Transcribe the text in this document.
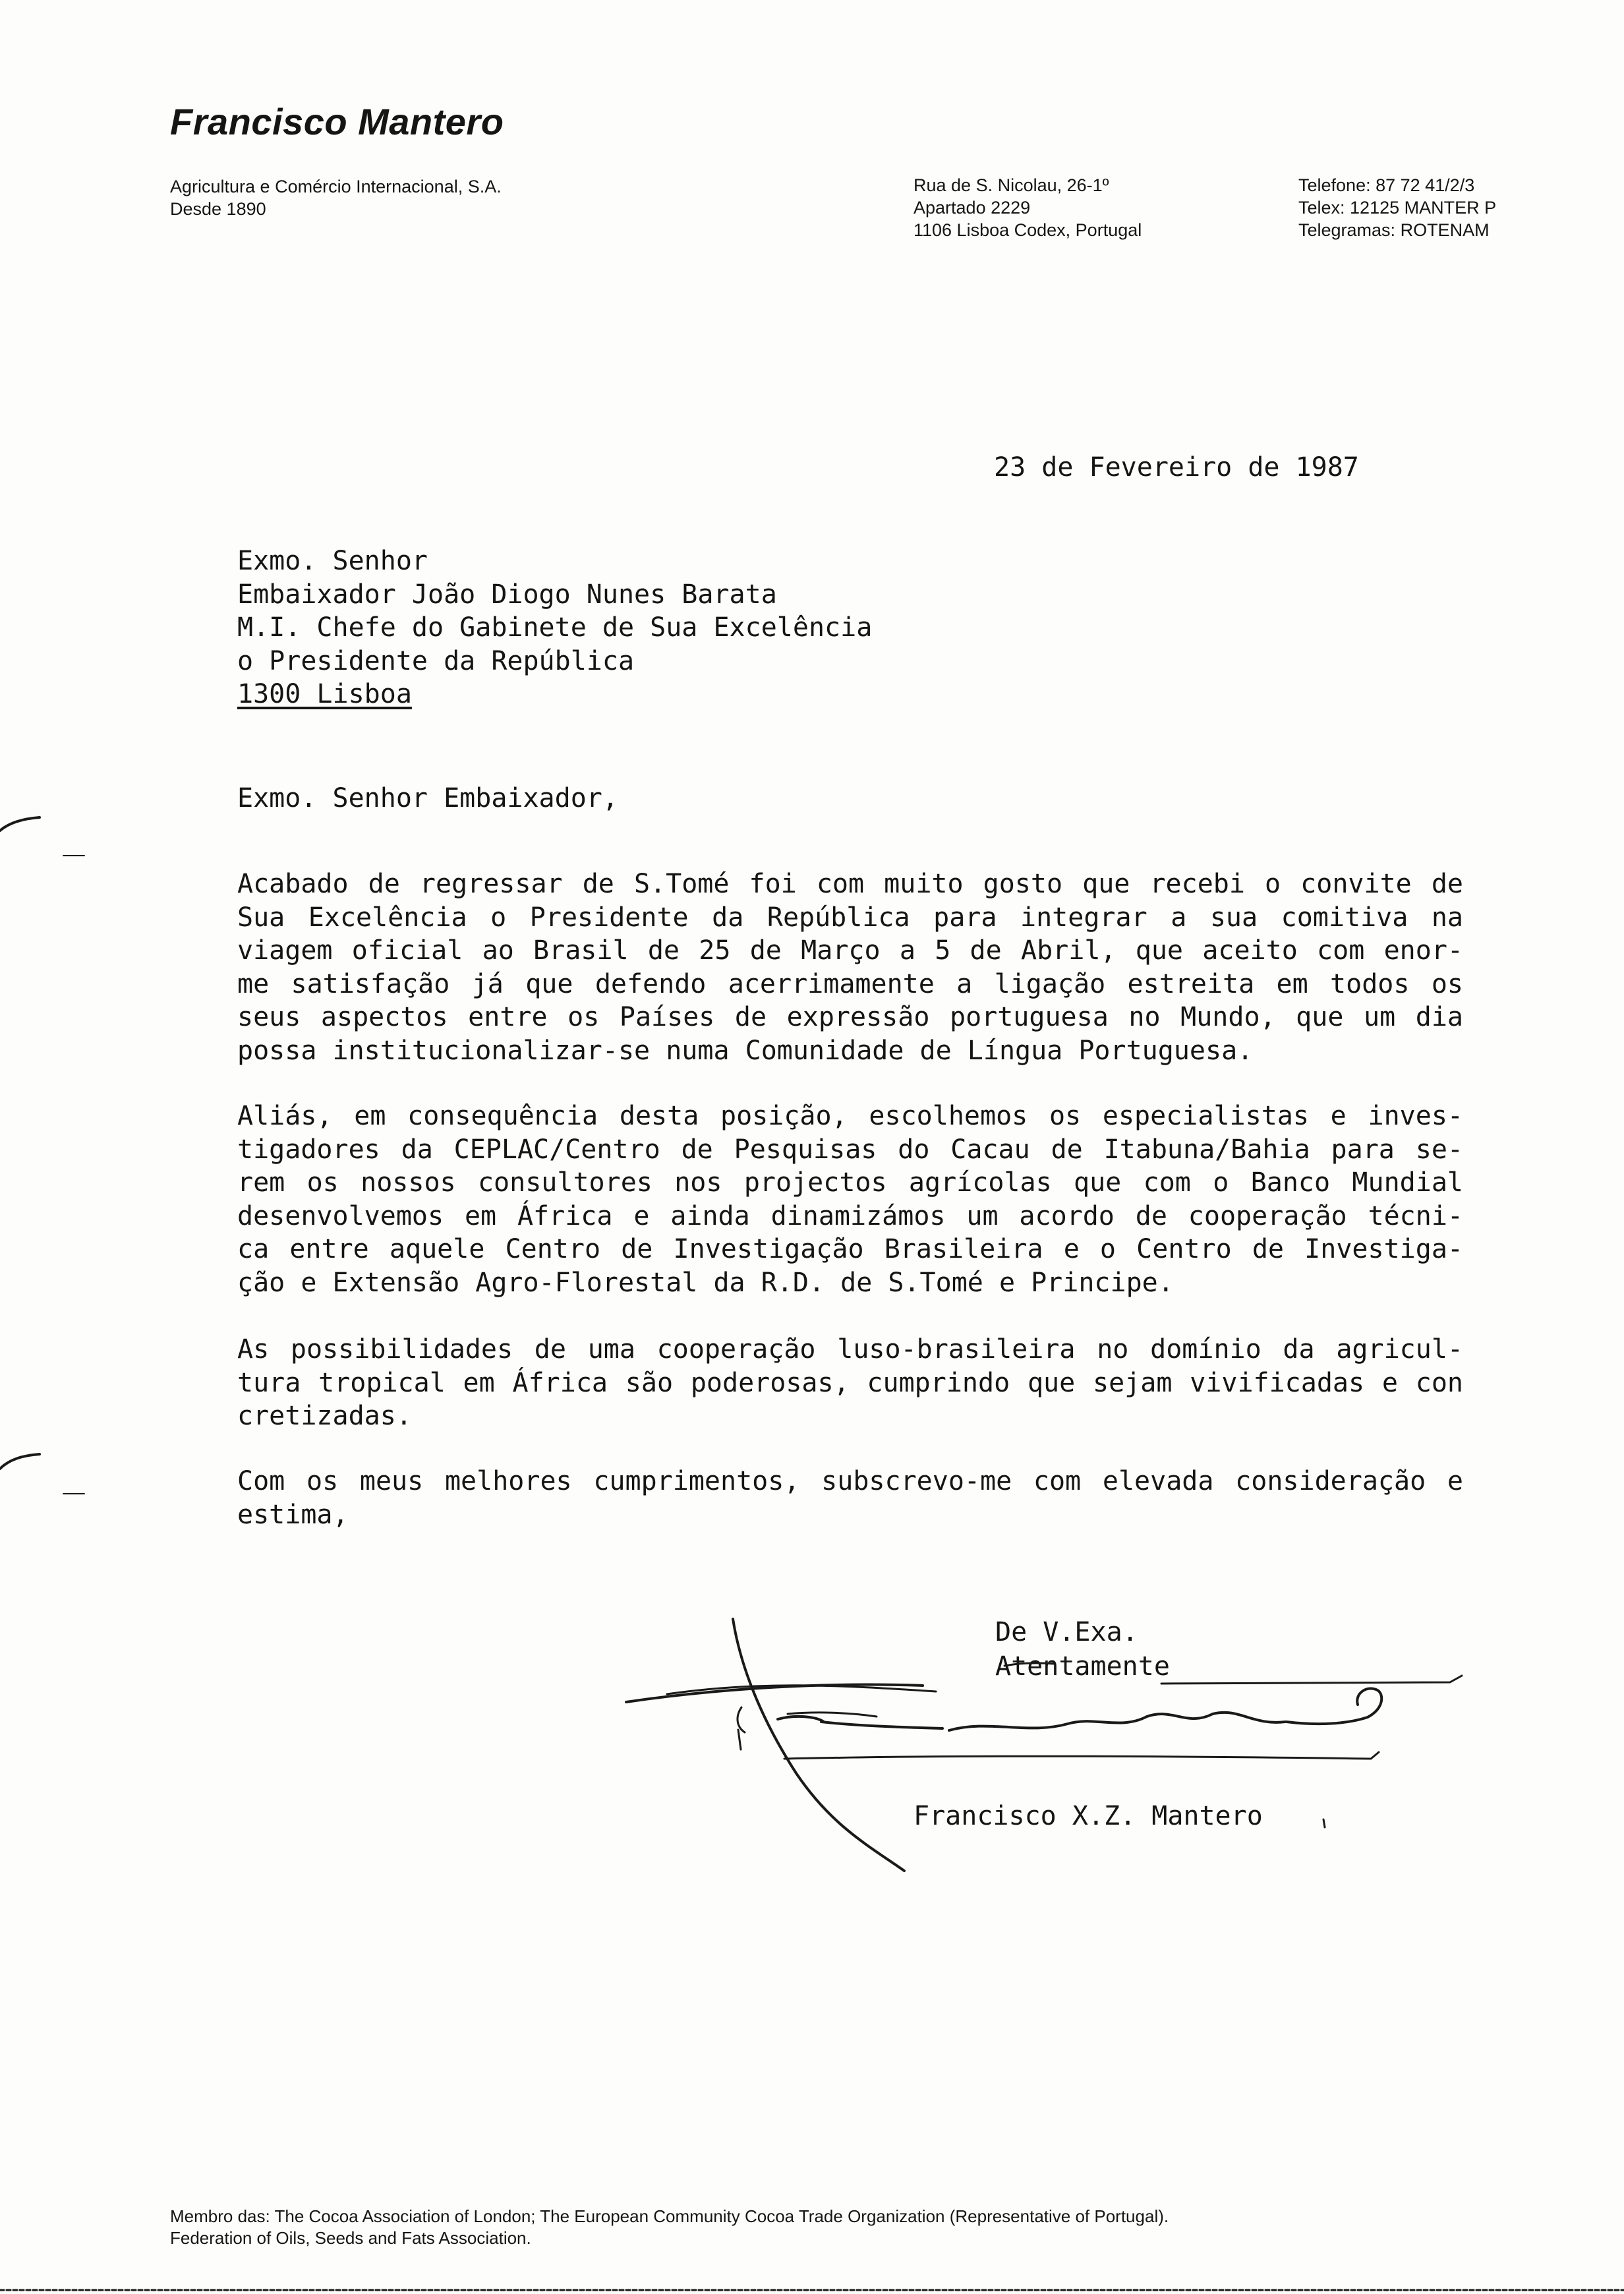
Francisco Mantero
Agricultura e Comércio Internacional, S.A.
Desde 1890
Rua de S. Nicolau, 26-1º
Apartado 2229
1106 Lisboa Codex, Portugal
Telefone: 87 72 41/2/3
Telex: 12125 MANTER P
Telegramas: ROTENAM
23 de Fevereiro de 1987
Exmo. Senhor
Embaixador João Diogo Nunes Barata
M.I. Chefe do Gabinete de Sua Excelência
o Presidente da República
1300 Lisboa
Exmo. Senhor Embaixador,
Acabado de regressar de S.Tomé foi com muito gosto que recebi o convite de
Sua Excelência o Presidente da República para integrar a sua comitiva na
viagem oficial ao Brasil de 25 de Março a 5 de Abril, que aceito com enor-
me satisfação já que defendo acerrimamente a ligação estreita em todos os
seus aspectos entre os Países de expressão portuguesa no Mundo, que um dia
possa institucionalizar-se numa Comunidade de Língua Portuguesa.
Aliás, em consequência desta posição, escolhemos os especialistas e inves-
tigadores da CEPLAC/Centro de Pesquisas do Cacau de Itabuna/Bahia para se-
rem os nossos consultores nos projectos agrícolas que com o Banco Mundial
desenvolvemos em África e ainda dinamizámos um acordo de cooperação técni-
ca entre aquele Centro de Investigação Brasileira e o Centro de Investiga-
ção e Extensão Agro-Florestal da R.D. de S.Tomé e Principe.
As possibilidades de uma cooperação luso-brasileira no domínio da agricul-
tura tropical em África são poderosas, cumprindo que sejam vivificadas e con
cretizadas.
Com os meus melhores cumprimentos, subscrevo-me com elevada consideração e
estima,
De V.Exa.
Atentamente
Francisco X.Z. Mantero
Membro das: The Cocoa Association of London; The European Community Cocoa Trade Organization (Representative of Portugal).
Federation of Oils, Seeds and Fats Association.
